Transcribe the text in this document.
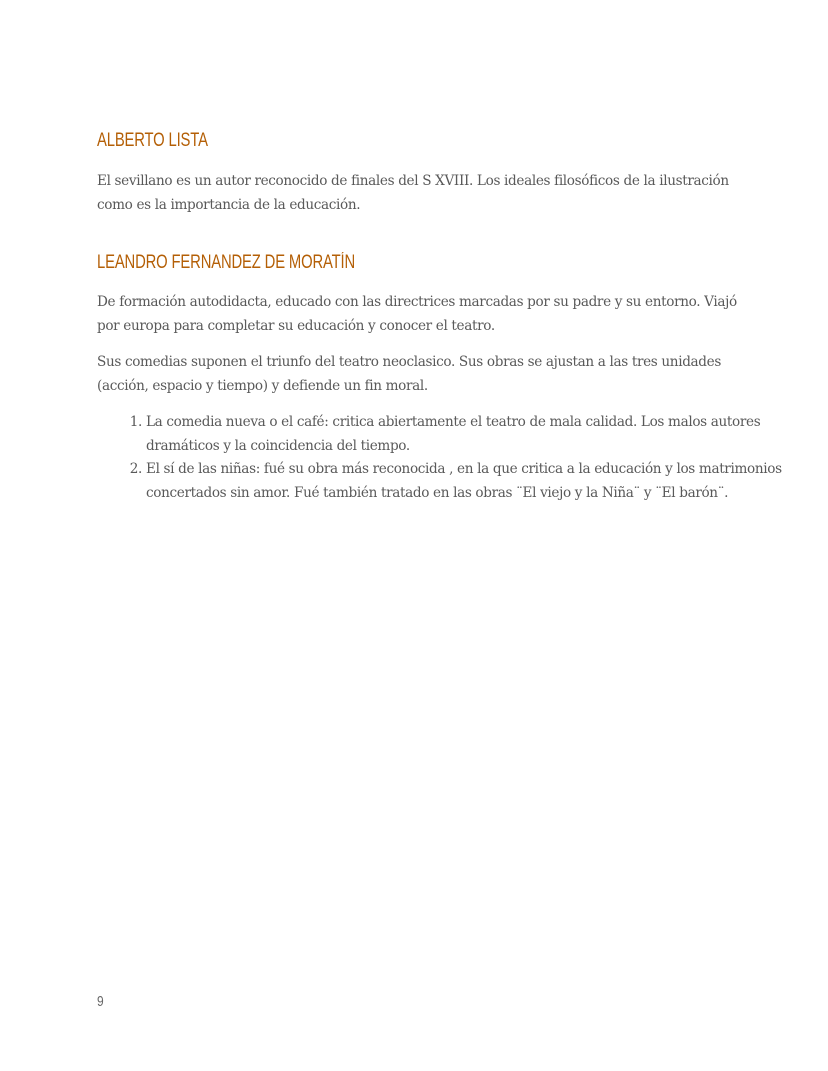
ALBERTO LISTA

El sevillano es un autor reconocido de finales del S XVIII. Los ideales filosóficos de la ilustración como es la importancia de la educación.

LEANDRO FERNANDEZ DE MORATÍN

De formación autodidacta, educado con las directrices marcadas por su padre y su entorno. Viajó por europa para completar su educación y conocer el teatro.

Sus comedias suponen el triunfo del teatro neoclasico. Sus obras se ajustan a las tres unidades (acción, espacio y tiempo) y defiende un fin moral.

1. La comedia nueva o el café: critica abiertamente el teatro de mala calidad. Los malos autores dramáticos y la coincidencia del tiempo.
2. El sí de las niñas: fué su obra más reconocida , en la que critica a la educación y los matrimonios concertados sin amor. Fué también tratado en las obras ¨El viejo y la Niña¨ y ¨El barón¨.
9
